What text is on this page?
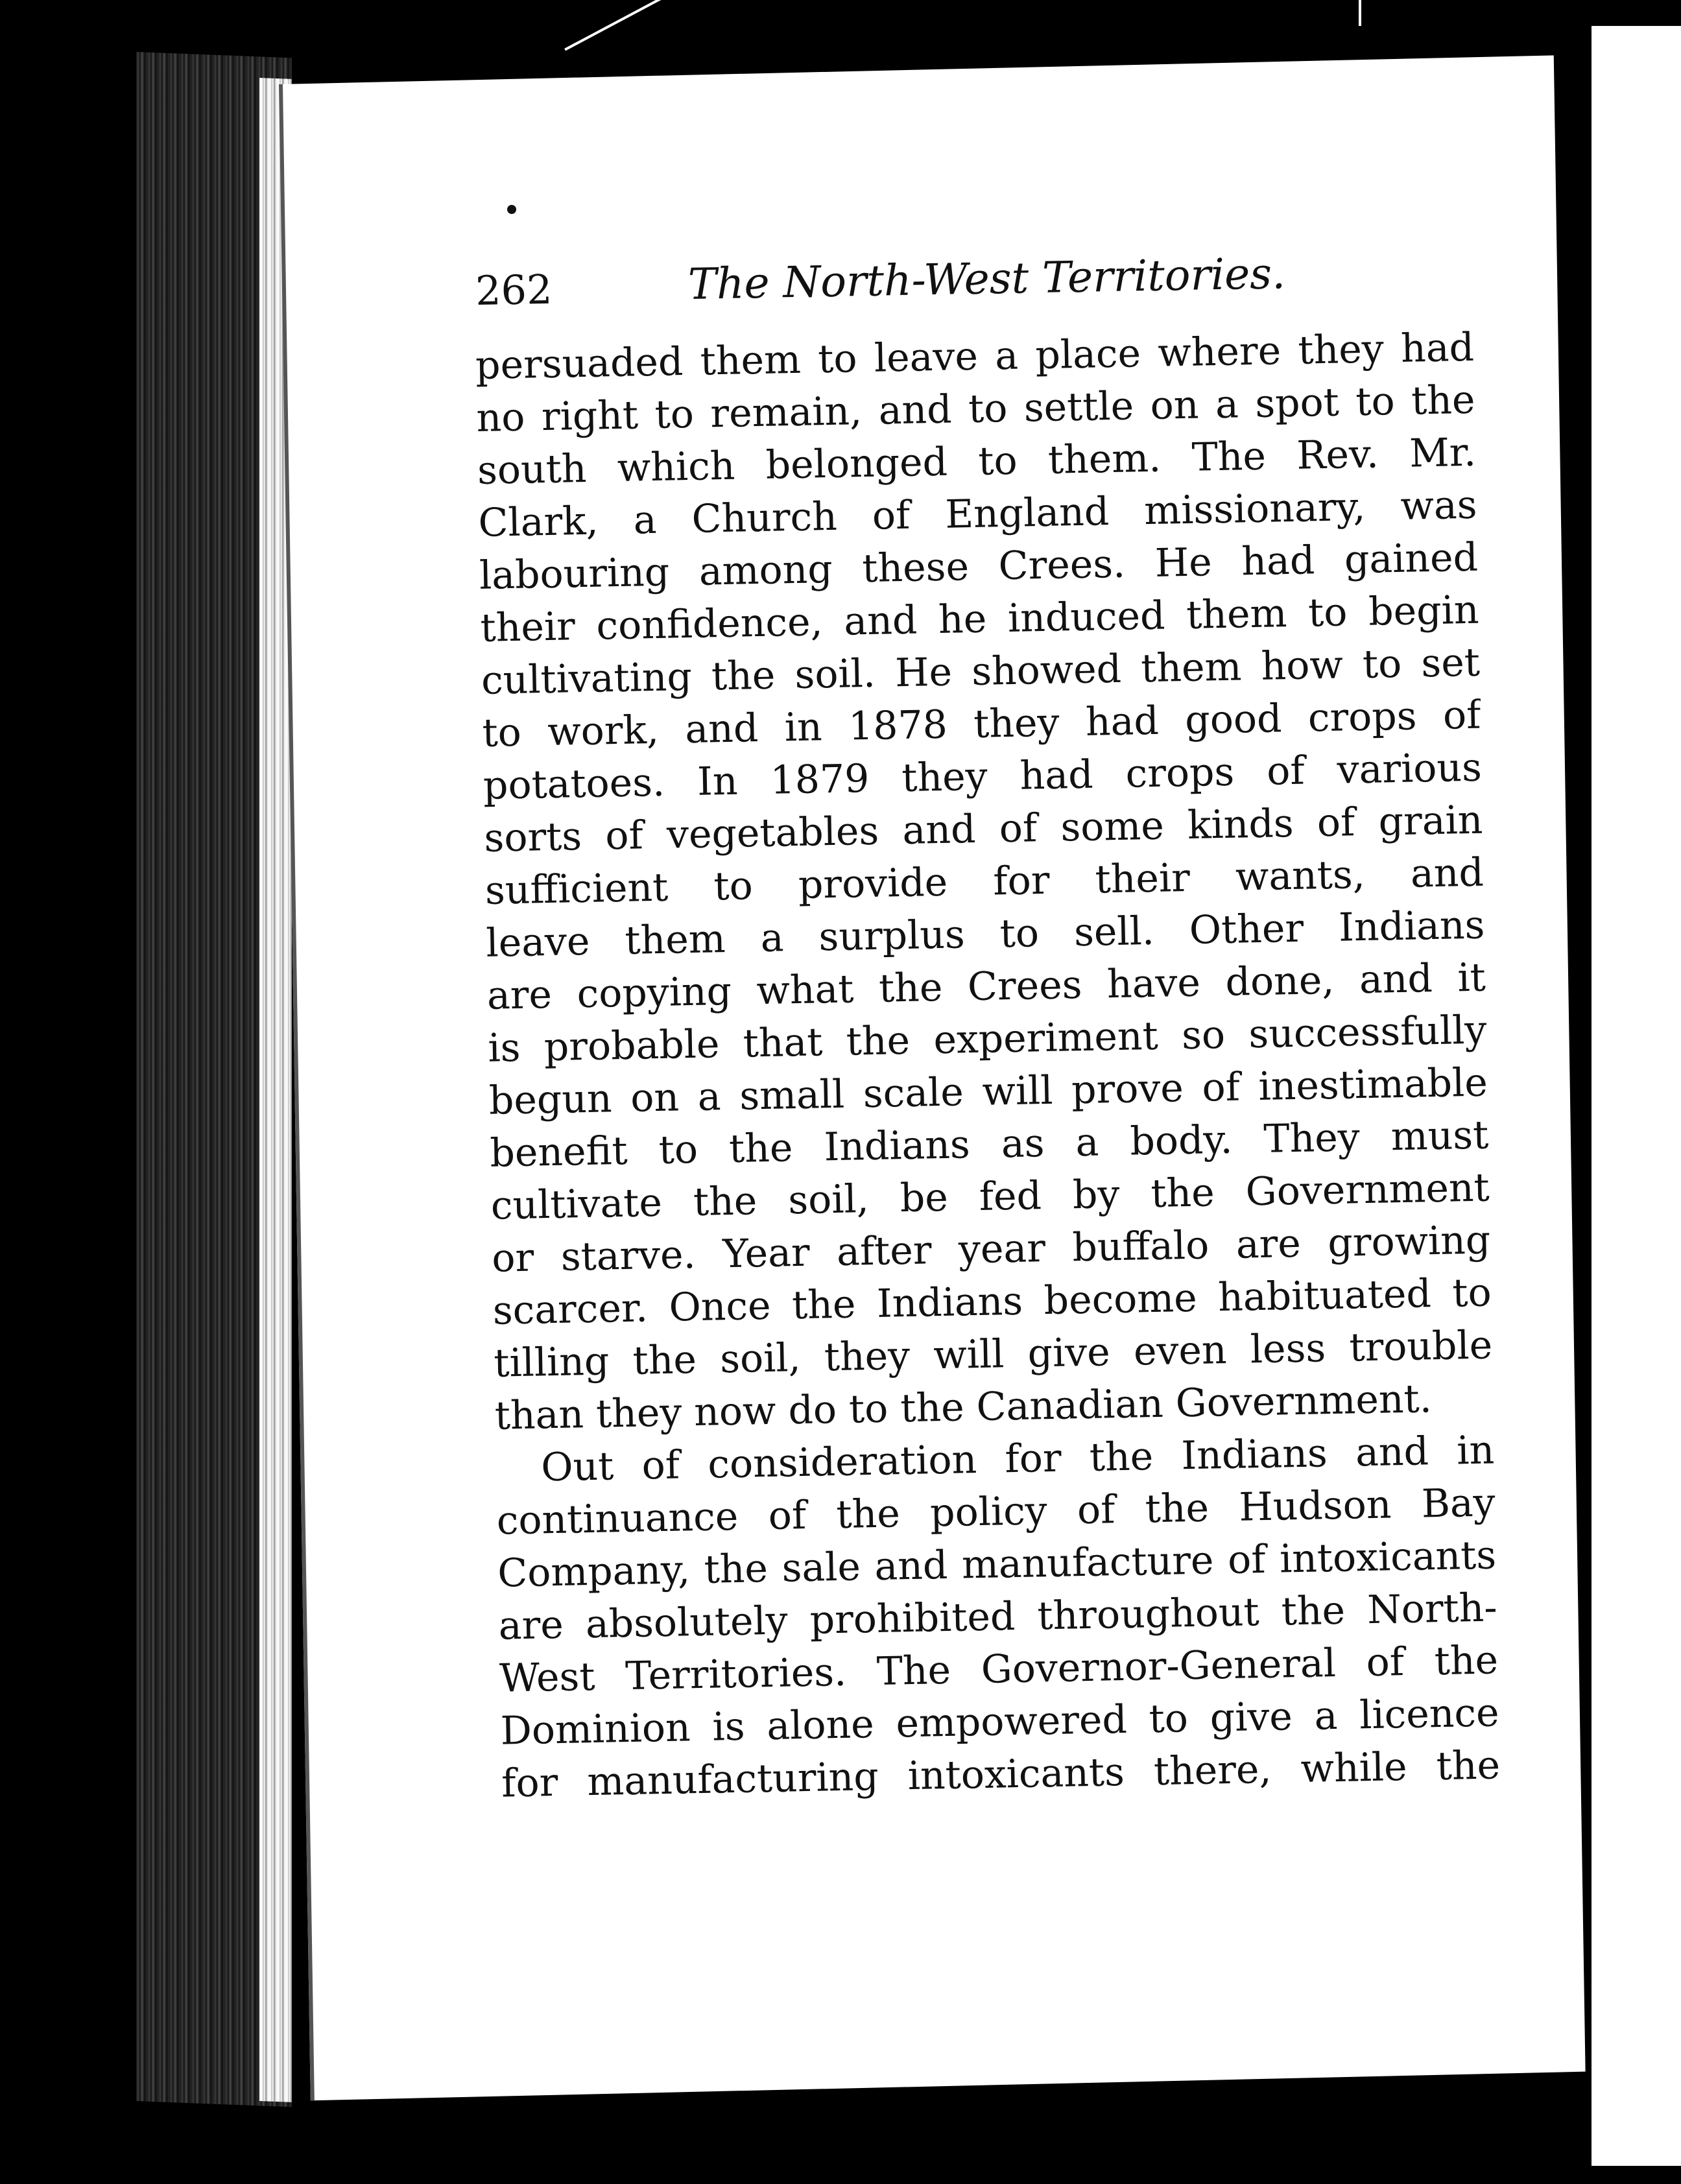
262	The North-West Territories.
persuaded them to leave a place where they had
no right to remain, and to settle on a spot to the
south which belonged to them. The Rev. Mr.
Clark, a Church of England missionary, was
labouring among these Crees. He had gained
their confidence, and he induced them to begin
cultivating the soil. He showed them how to set
to work, and in 1878 they had good crops of
potatoes. In 1879 they had crops of various
sorts of vegetables and of some kinds of grain
sufficient to provide for their wants, and
leave them a surplus to sell. Other Indians
are copying what the Crees have done, and it
is probable that the experiment so successfully
begun on a small scale will prove of inestimable
benefit to the Indians as a body. They must
cultivate the soil, be fed by the Government
or starve. Year after year buffalo are growing
scarcer. Once the Indians become habituated to
tilling the soil, they will give even less trouble
than they now do to the Canadian Government.
Out of consideration for the Indians and in
continuance of the policy of the Hudson Bay
Company, the sale and manufacture of intoxicants
are absolutely prohibited throughout the North-
West Territories. The Governor-General of the
Dominion is alone empowered to give a licence
for manufacturing intoxicants there, while the
